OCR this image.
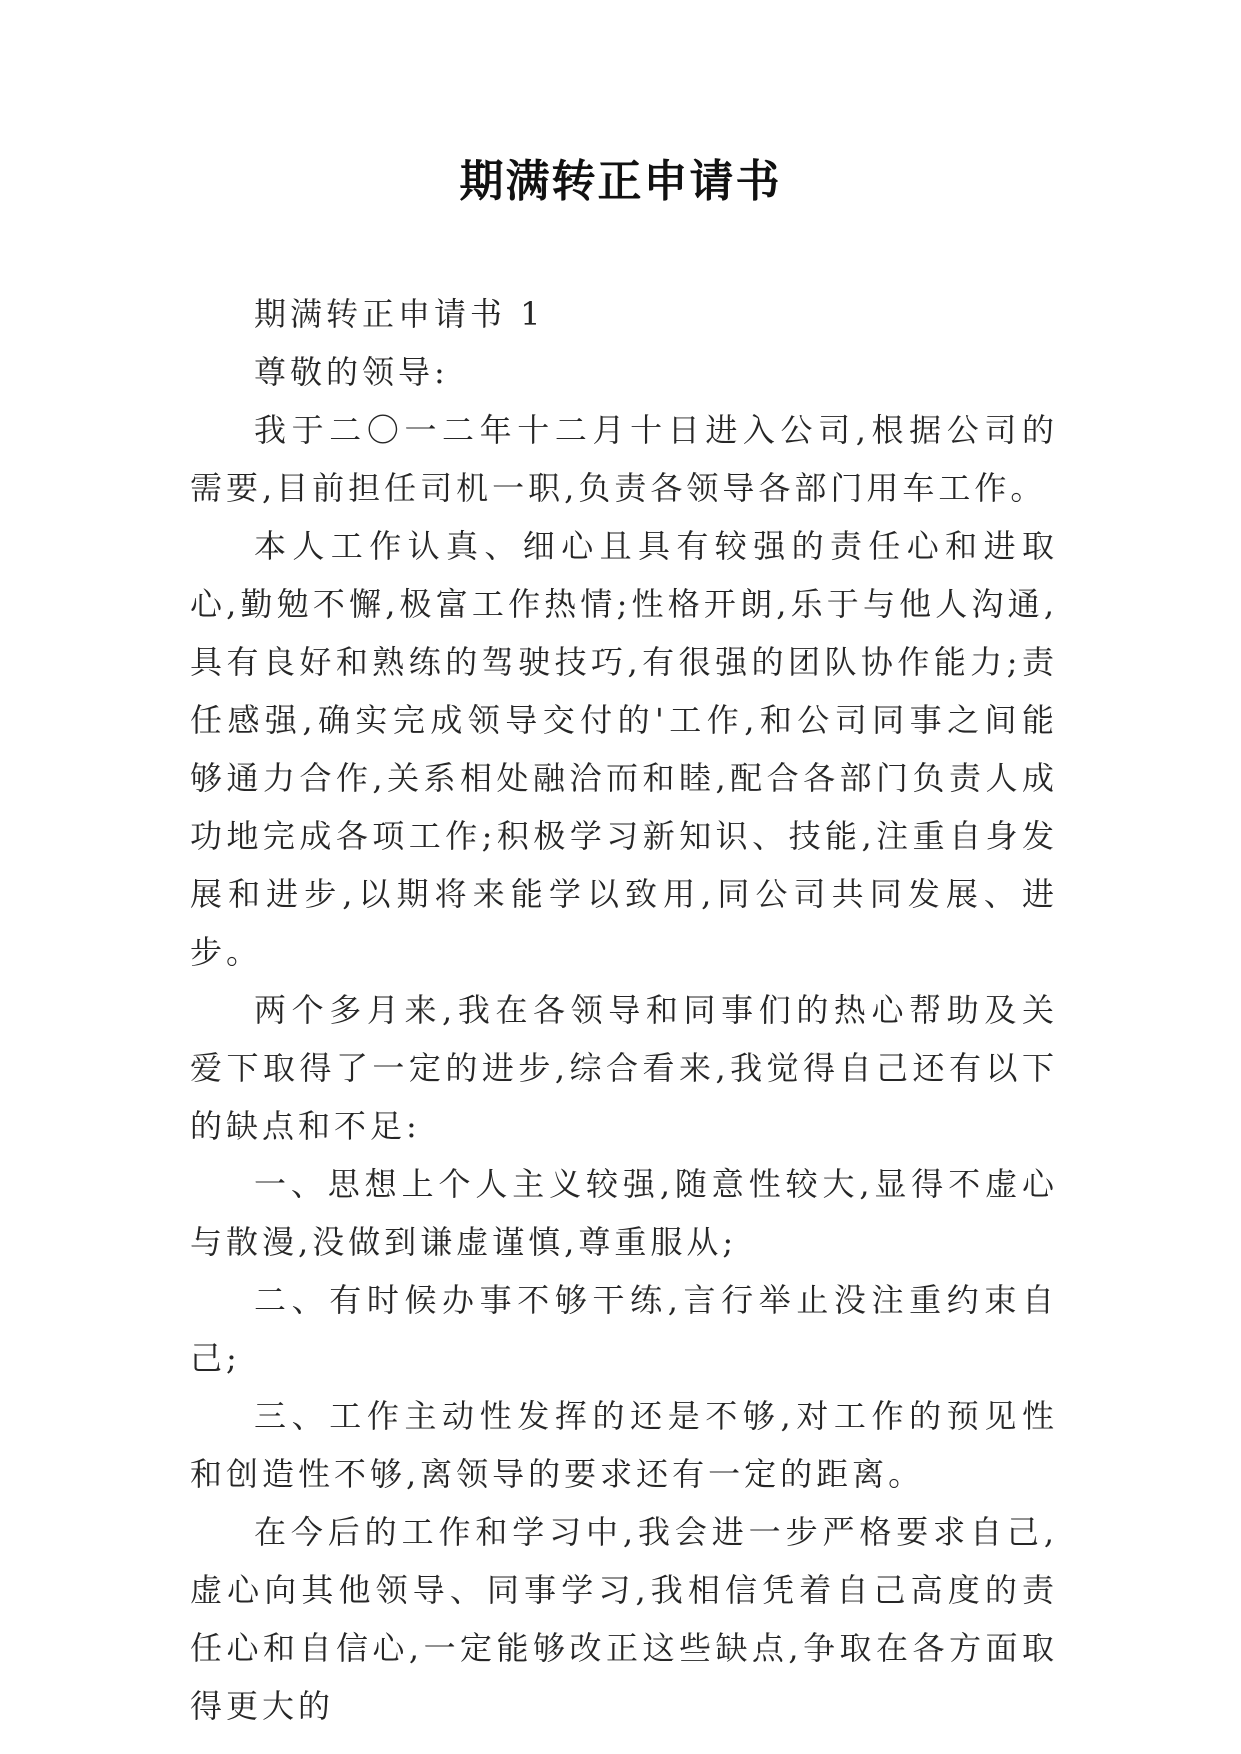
期满转正申请书

期满转正申请书 1

尊敬的领导:

我于二〇一二年十二月十日进入公司,根据公司的需要,目前担任司机一职,负责各领导各部门用车工作。

本人工作认真、细心且具有较强的责任心和进取心,勤勉不懈,极富工作热情;性格开朗,乐于与他人沟通,具有良好和熟练的驾驶技巧,有很强的团队协作能力;责任感强,确实完成领导交付的'工作,和公司同事之间能够通力合作,关系相处融洽而和睦,配合各部门负责人成功地完成各项工作;积极学习新知识、技能,注重自身发展和进步,以期将来能学以致用,同公司共同发展、进步。

两个多月来,我在各领导和同事们的热心帮助及关爱下取得了一定的进步,综合看来,我觉得自己还有以下的缺点和不足:

一、思想上个人主义较强,随意性较大,显得不虚心与散漫,没做到谦虚谨慎,尊重服从;

二、有时候办事不够干练,言行举止没注重约束自己;

三、工作主动性发挥的还是不够,对工作的预见性和创造性不够,离领导的要求还有一定的距离。

在今后的工作和学习中,我会进一步严格要求自己,虚心向其他领导、同事学习,我相信凭着自己高度的责任心和自信心,一定能够改正这些缺点,争取在各方面取得更大的
